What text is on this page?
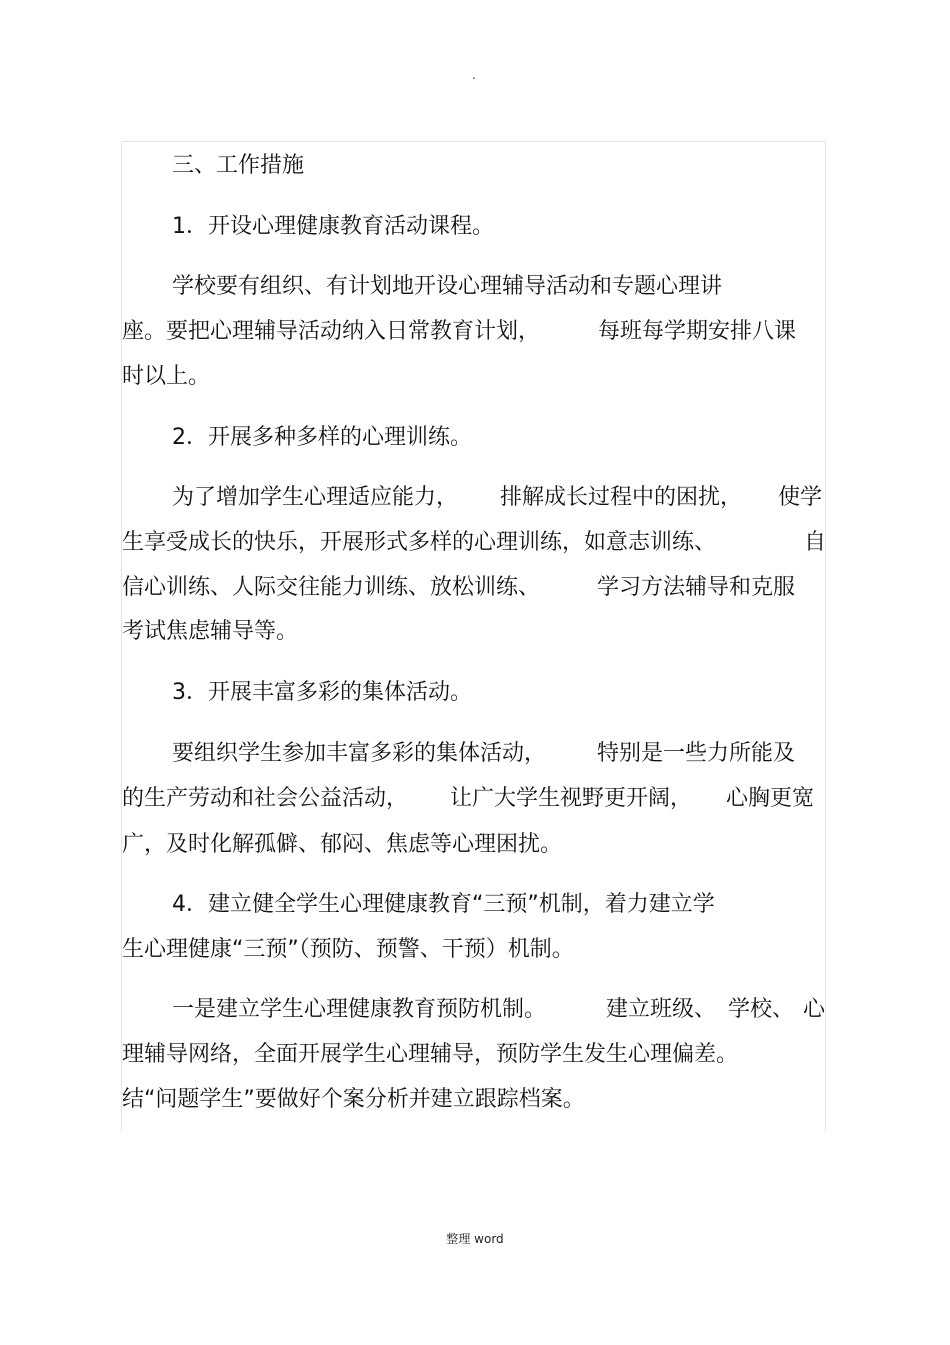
.
三、工作措施
1．开设心理健康教育活动课程。
学校要有组织、有计划地开设心理辅导活动和专题心理讲
座。要把心理辅导活动纳入日常教育计划，	每班每学期安排八课
时以上。
2．开展多种多样的心理训练。
为了增加学生心理适应能力， 排解成长过程中的困扰， 使学
生享受成长的快乐，开展形式多样的心理训练，如意志训练、	自
信心训练、人际交往能力训练、放松训练、	学习方法辅导和克服
考试焦虑辅导等。
3．开展丰富多彩的集体活动。
要组织学生参加丰富多彩的集体活动， 特别是一些力所能及
的生产劳动和社会公益活动， 让广大学生视野更开阔， 心胸更宽
广，及时化解孤僻、郁闷、焦虑等心理困扰。
4．建立健全学生心理健康教育“三预”机制，着力建立学
生心理健康“三预”（预防、预警、干预）机制。
一是建立学生心理健康教育预防机制。	建立班级、 学校、 心
理辅导网络，全面开展学生心理辅导，预防学生发生心理偏差。
结“问题学生”要做好个案分析并建立跟踪档案。
整理 word
